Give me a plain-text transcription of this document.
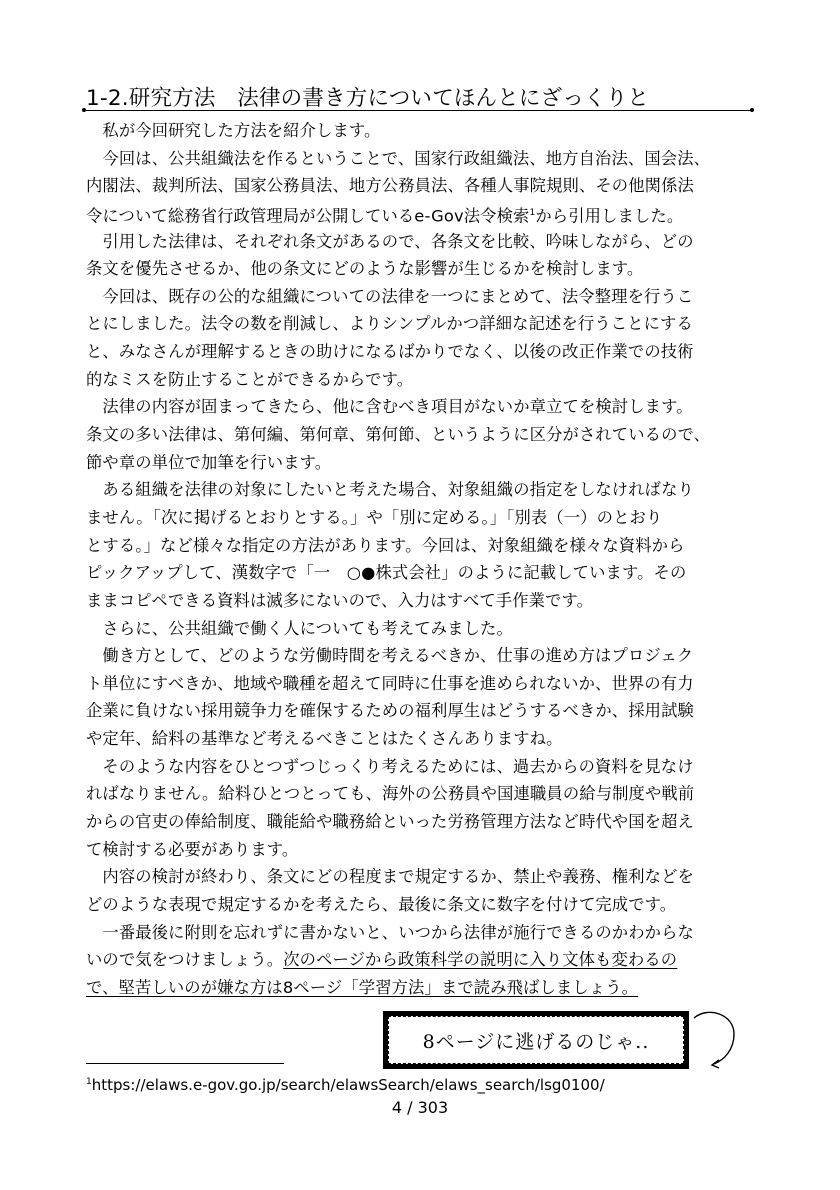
1-2.研究方法　法律の書き方についてほんとにざっくりと
　私が今回研究した方法を紹介します。
　今回は、公共組織法を作るということで、国家行政組織法、地方自治法、国会法、
内閣法、裁判所法、国家公務員法、地方公務員法、各種人事院規則、その他関係法
令について総務省行政管理局が公開しているe-Gov法令検索$^1$から引用しました。
　引用した法律は、それぞれ条文があるので、各条文を比較、吟味しながら、どの
条文を優先させるか、他の条文にどのような影響が生じるかを検討します。
　今回は、既存の公的な組織についての法律を一つにまとめて、法令整理を行うこ
とにしました。法令の数を削減し、よりシンプルかつ詳細な記述を行うことにする
と、みなさんが理解するときの助けになるばかりでなく、以後の改正作業での技術
的なミスを防止することができるからです。
　法律の内容が固まってきたら、他に含むべき項目がないか章立てを検討します。
条文の多い法律は、第何編、第何章、第何節、というように区分がされているので、
節や章の単位で加筆を行います。
　ある組織を法律の対象にしたいと考えた場合、対象組織の指定をしなければなり
ません。「次に掲げるとおりとする。」や「別に定める。」「別表（一）のとおり
とする。」など様々な指定の方法があります。今回は、対象組織を様々な資料から
ピックアップして、漢数字で「一　○●株式会社」のように記載しています。その
ままコピペできる資料は滅多にないので、入力はすべて手作業です。
　さらに、公共組織で働く人についても考えてみました。
　働き方として、どのような労働時間を考えるべきか、仕事の進め方はプロジェク
ト単位にすべきか、地域や職種を超えて同時に仕事を進められないか、世界の有力
企業に負けない採用競争力を確保するための福利厚生はどうするべきか、採用試験
や定年、給料の基準など考えるべきことはたくさんありますね。
　そのような内容をひとつずつじっくり考えるためには、過去からの資料を見なけ
ればなりません。給料ひとつとっても、海外の公務員や国連職員の給与制度や戦前
からの官吏の俸給制度、職能給や職務給といった労務管理方法など時代や国を超え
て検討する必要があります。
　内容の検討が終わり、条文にどの程度まで規定するか、禁止や義務、権利などを
どのような表現で規定するかを考えたら、最後に条文に数字を付けて完成です。
　一番最後に附則を忘れずに書かないと、いつから法律が施行できるのかわからな
いので気をつけましょう。次のページから政策科学の説明に入り文体も変わるの
で、堅苦しいのが嫌な方は8ページ「学習方法」まで読み飛ばしましょう。
8ページに逃げるのじゃ..
$^1$https://elaws.e-gov.go.jp/search/elawsSearch/elaws_search/lsg0100/
4 / 303
